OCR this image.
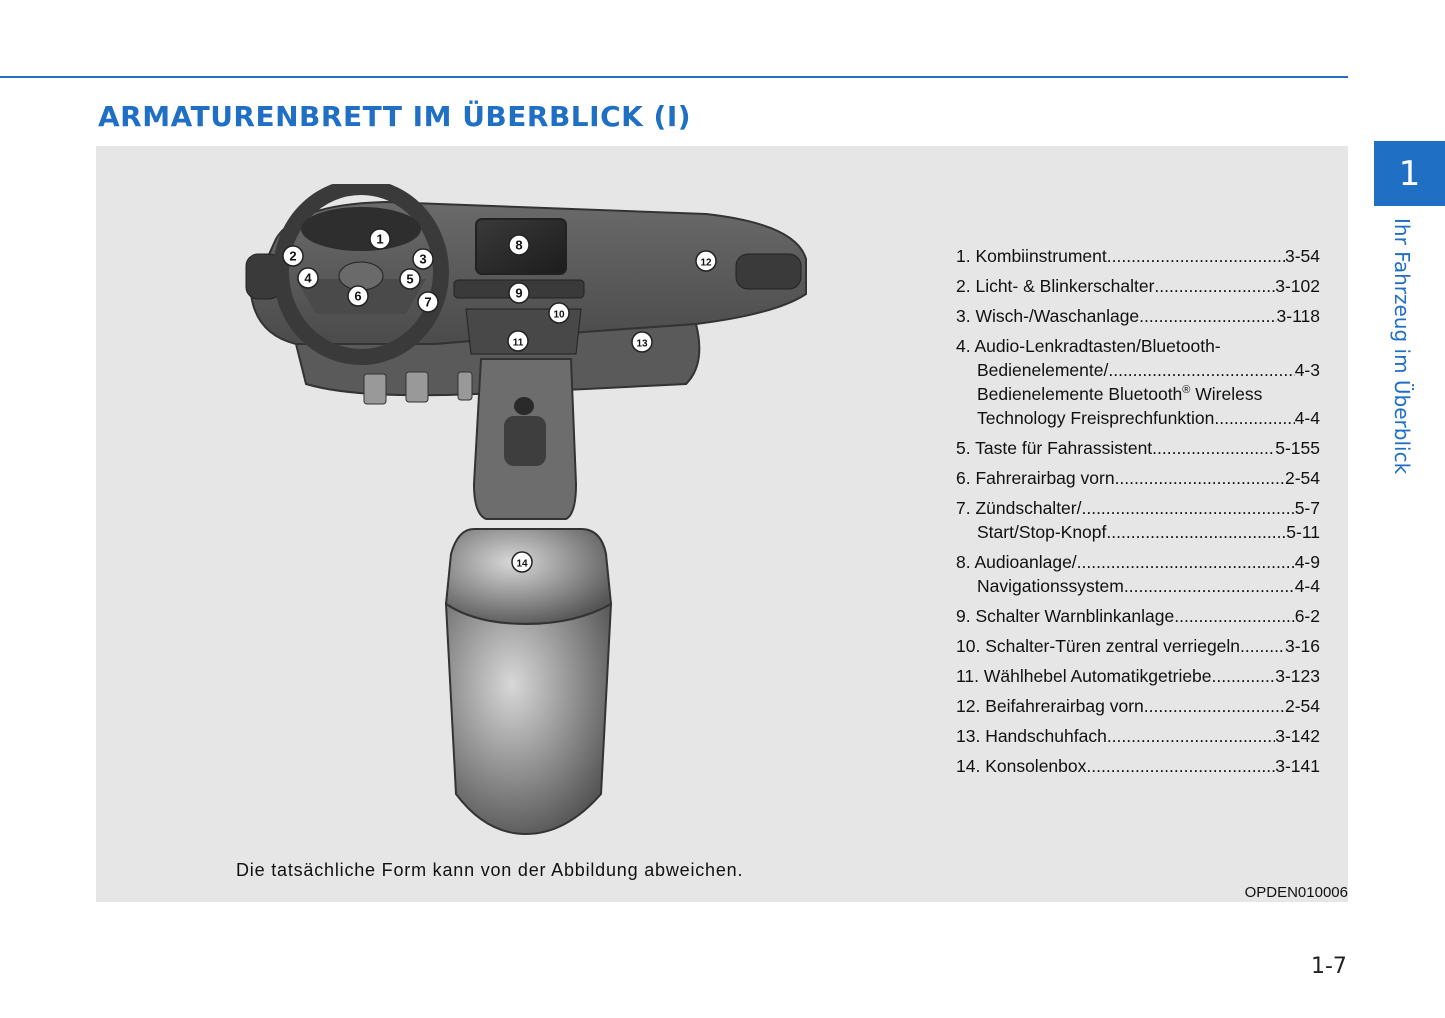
ARMATURENBRETT IM ÜBERBLICK (I)
1
Ihr Fahrzeug im Überblick
1
2	3
4	5
6	7
8
9
10
11
12
13
14
1. Kombiinstrument .....	3-54
2. Licht- & Blinkerschalter .....	3-102
3. Wisch-/Waschanlage .....	3-118
4. Audio-Lenkradtasten/Bluetooth-
Bedienelemente/ .....	4-3
Bedienelemente Bluetooth® Wireless
Technology Freisprechfunktion .....	4-4
5. Taste für Fahrassistent .....	5-155
6. Fahrerairbag vorn .....	2-54
7. Zündschalter/ .....	5-7
Start/Stop-Knopf .....	5-11
8. Audioanlage/ .....	4-9
Navigationssystem .....	4-4
9. Schalter Warnblinkanlage .....	6-2
10. Schalter-Türen zentral verriegeln .....	3-16
11. Wählhebel Automatikgetriebe .....	3-123
12. Beifahrerairbag vorn .....	2-54
13. Handschuhfach .....	3-142
14. Konsolenbox .....	3-141
Die tatsächliche Form kann von der Abbildung abweichen.
OPDEN010006
1-7
